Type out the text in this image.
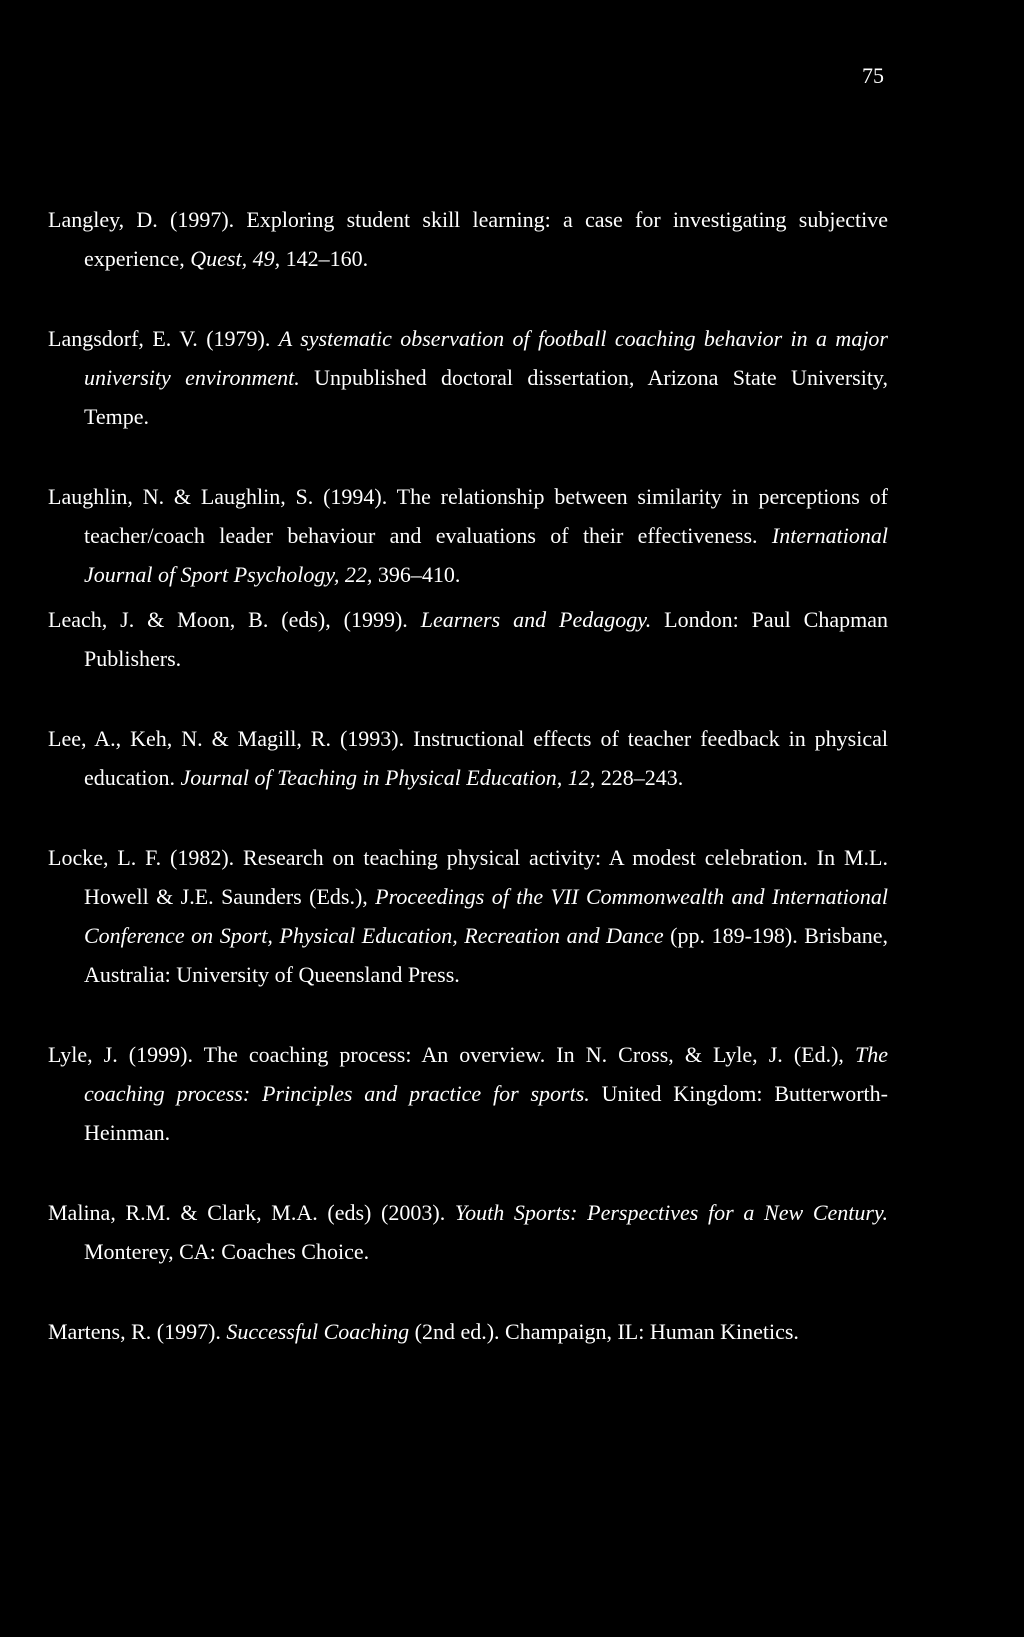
75

Langley, D. (1997). Exploring student skill learning: a case for investigating subjective experience, Quest, 49, 142–160.

Langsdorf, E. V. (1979). A systematic observation of football coaching behavior in a major university environment. Unpublished doctoral dissertation, Arizona State University, Tempe.

Laughlin, N. & Laughlin, S. (1994). The relationship between similarity in perceptions of teacher/coach leader behaviour and evaluations of their effectiveness. International Journal of Sport Psychology, 22, 396–410.

Leach, J. & Moon, B. (eds), (1999). Learners and Pedagogy. London: Paul Chapman Publishers.

Lee, A., Keh, N. & Magill, R. (1993). Instructional effects of teacher feedback in physical education. Journal of Teaching in Physical Education, 12, 228–243.

Locke, L. F. (1982). Research on teaching physical activity: A modest celebration. In M.L. Howell & J.E. Saunders (Eds.), Proceedings of the VII Commonwealth and International Conference on Sport, Physical Education, Recreation and Dance (pp. 189-198). Brisbane, Australia: University of Queensland Press.

Lyle, J. (1999). The coaching process: An overview. In N. Cross, & Lyle, J. (Ed.), The coaching process: Principles and practice for sports. United Kingdom: Butterworth-Heinman.

Malina, R.M. & Clark, M.A. (eds) (2003). Youth Sports: Perspectives for a New Century. Monterey, CA: Coaches Choice.

Martens, R. (1997). Successful Coaching (2nd ed.). Champaign, IL: Human Kinetics.
